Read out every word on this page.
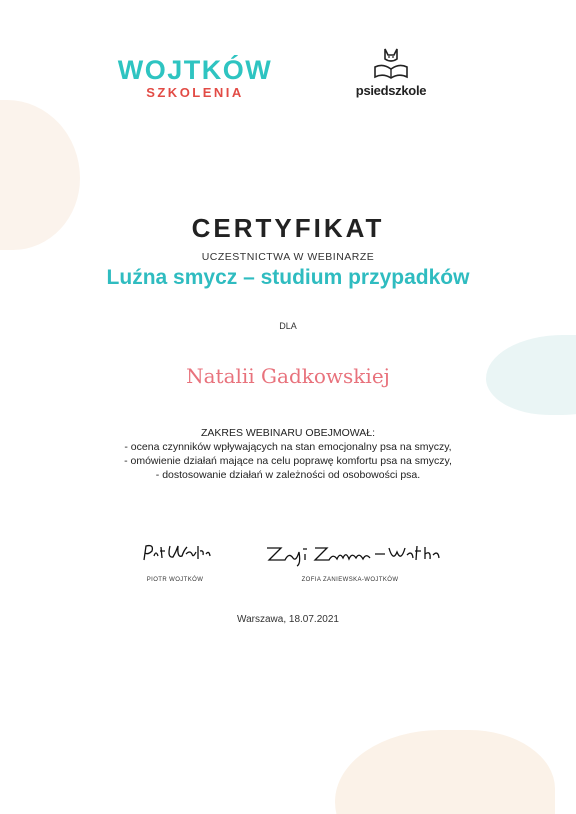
WOJTKÓW
SZKOLENIA	psiedszkole
CERTYFIKAT
UCZESTNICTWA W WEBINARZE
Luźna smycz – studium przypadków
DLA
Natalii Gadkowskiej
ZAKRES WEBINARU OBEJMOWAŁ:
- ocena czynników wpływających na stan emocjonalny psa na smyczy,
- omówienie działań mające na celu poprawę komfortu psa na smyczy,
- dostosowanie działań w zależności od osobowości psa.
PIOTR WOJTKÓW	ZOFIA ZANIEWSKA-WOJTKÓW
Warszawa, 18.07.2021
